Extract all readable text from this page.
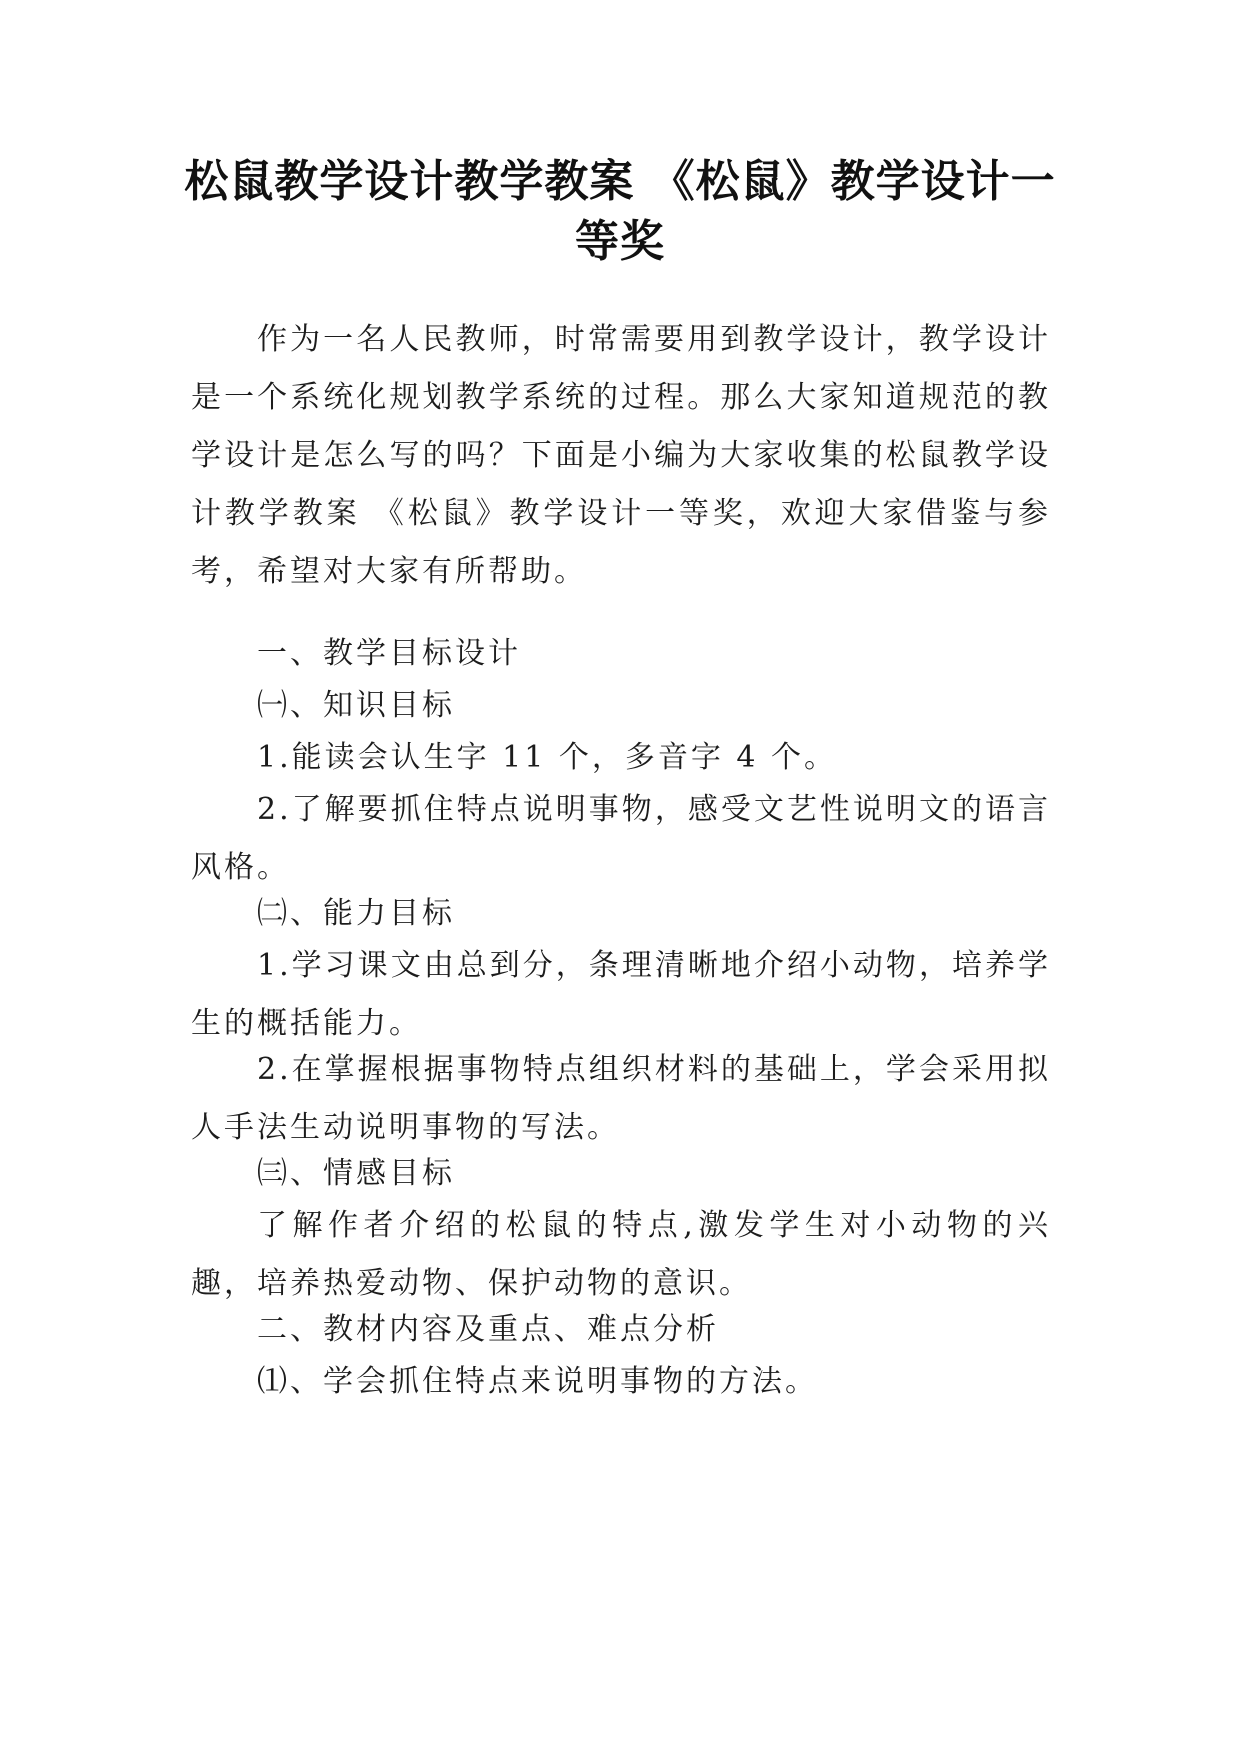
松鼠教学设计教学教案 《松鼠》教学设计一等奖

作为一名人民教师，时常需要用到教学设计，教学设计是一个系统化规划教学系统的过程。那么大家知道规范的教学设计是怎么写的吗？下面是小编为大家收集的松鼠教学设计教学教案 《松鼠》教学设计一等奖，欢迎大家借鉴与参考，希望对大家有所帮助。

一、教学目标设计

㈠、知识目标

1.能读会认生字 11 个，多音字 4 个。

2.了解要抓住特点说明事物，感受文艺性说明文的语言风格。

㈡、能力目标

1.学习课文由总到分，条理清晰地介绍小动物，培养学生的概括能力。

2.在掌握根据事物特点组织材料的基础上，学会采用拟人手法生动说明事物的写法。

㈢、情感目标

了解作者介绍的松鼠的特点,激发学生对小动物的兴趣，培养热爱动物、保护动物的意识。

二、教材内容及重点、难点分析

⑴、学会抓住特点来说明事物的方法。
